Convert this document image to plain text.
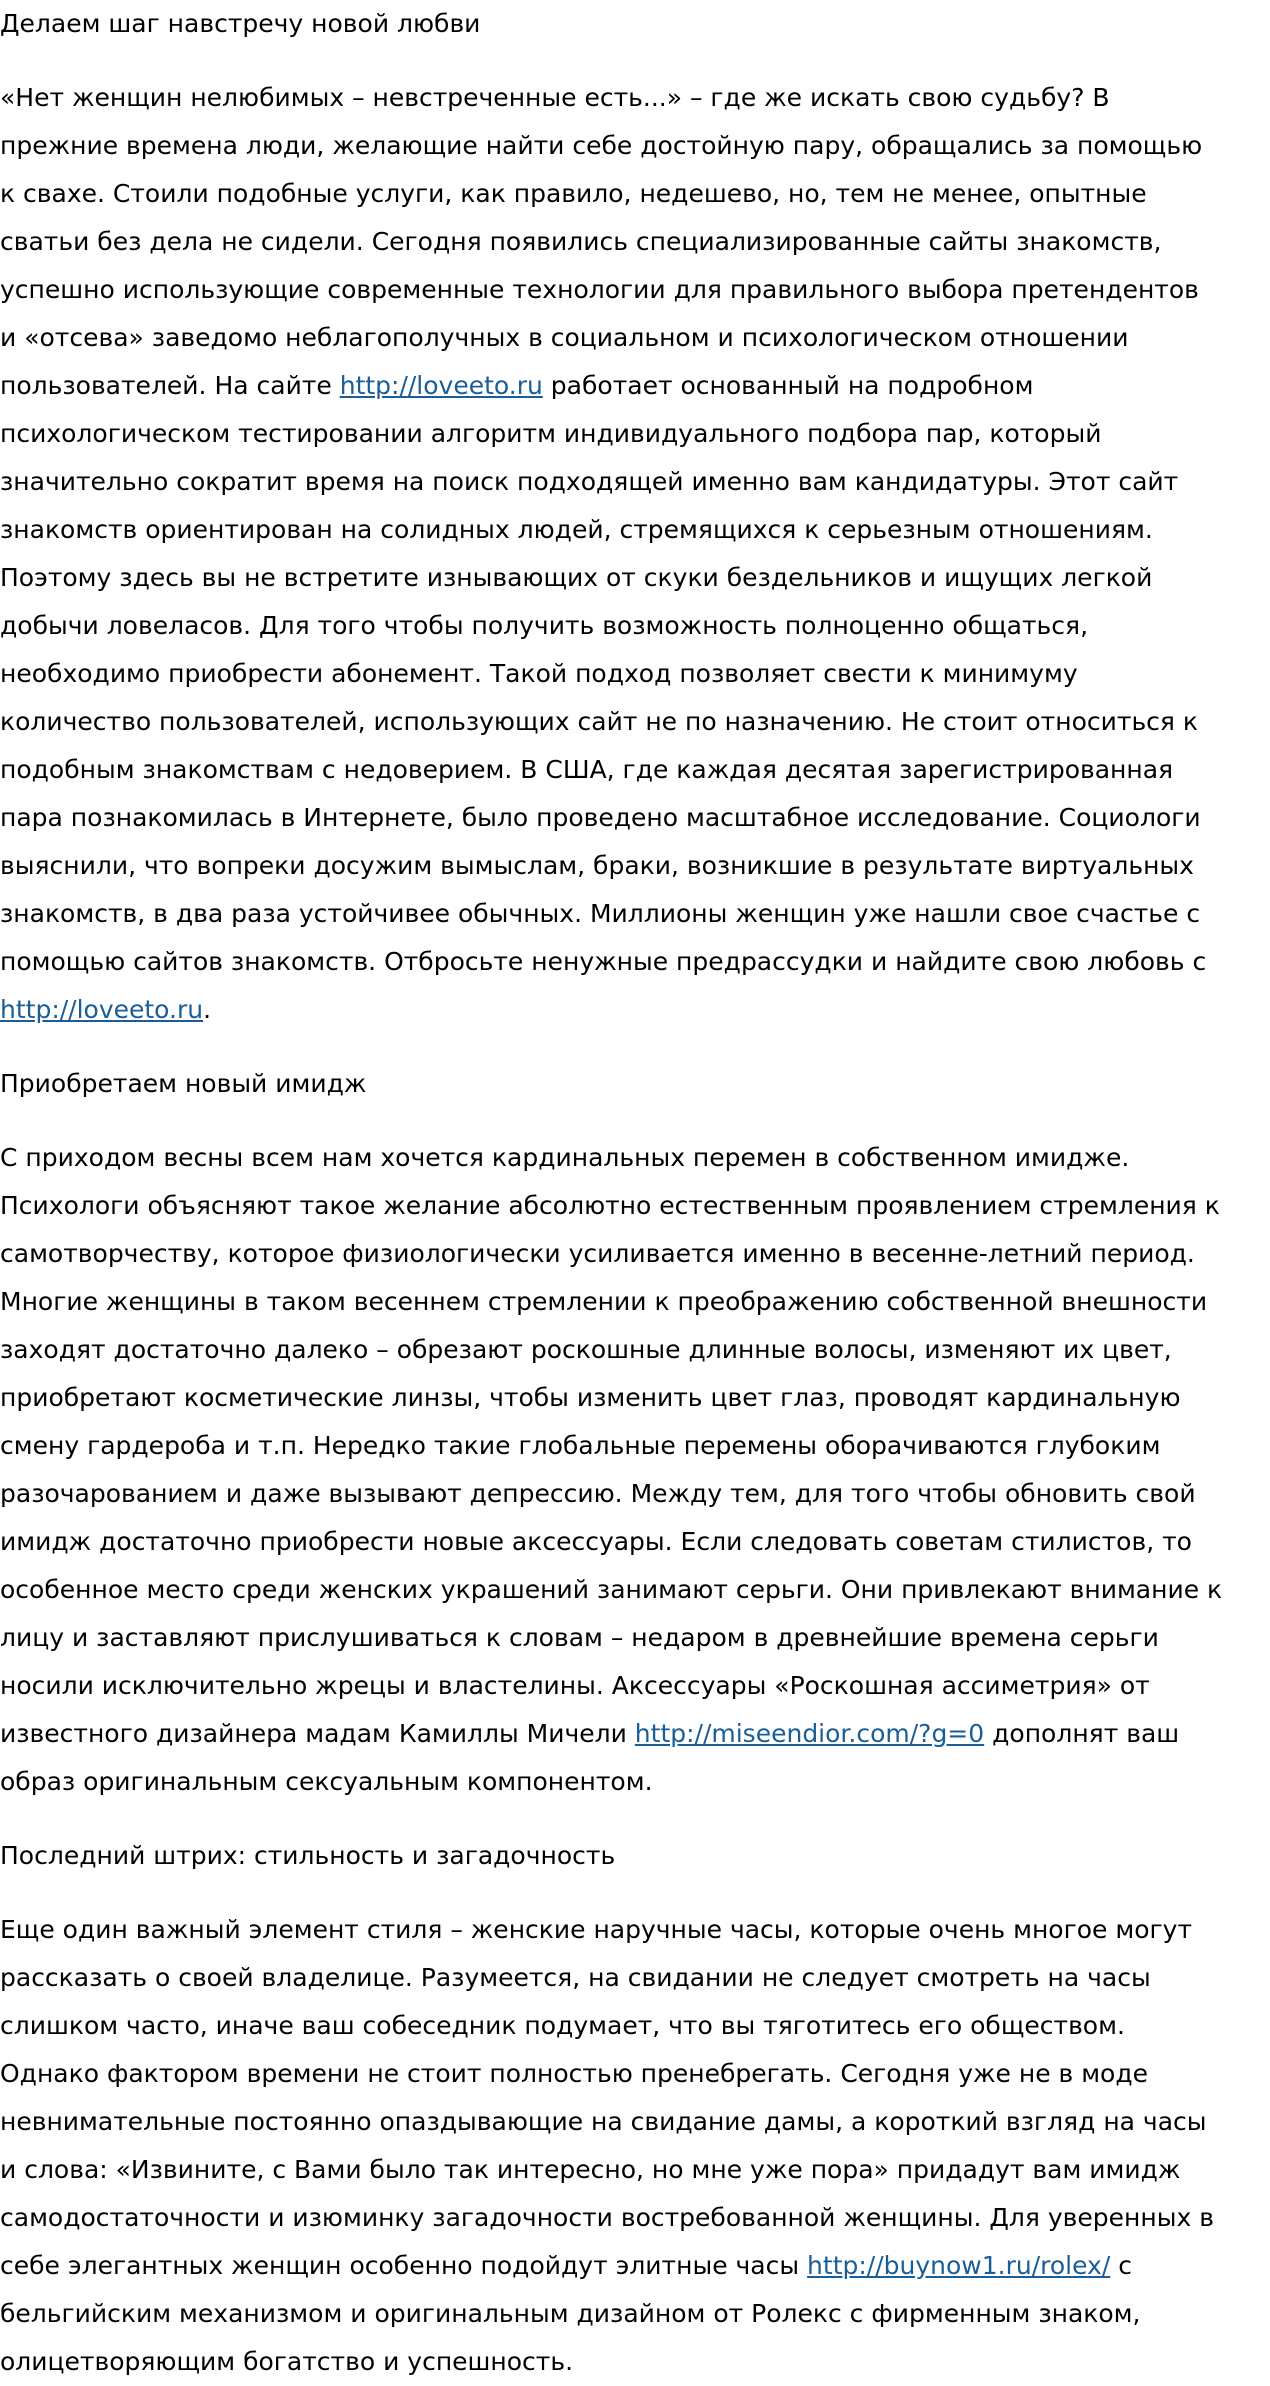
Делаем шаг навстречу новой любви
«Нет женщин нелюбимых – невстреченные есть...» – где же искать свою судьбу? В
прежние времена люди, желающие найти себе достойную пару, обращались за помощью
к свахе. Стоили подобные услуги, как правило, недешево, но, тем не менее, опытные
сватьи без дела не сидели. Сегодня появились специализированные сайты знакомств,
успешно использующие современные технологии для правильного выбора претендентов
и «отсева» заведомо неблагополучных в социальном и психологическом отношении
пользователей. На сайте http://loveeto.ru работает основанный на подробном
психологическом тестировании алгоритм индивидуального подбора пар, который
значительно сократит время на поиск подходящей именно вам кандидатуры. Этот сайт
знакомств ориентирован на солидных людей, стремящихся к серьезным отношениям.
Поэтому здесь вы не встретите изнывающих от скуки бездельников и ищущих легкой
добычи ловеласов. Для того чтобы получить возможность полноценно общаться,
необходимо приобрести абонемент. Такой подход позволяет свести к минимуму
количество пользователей, использующих сайт не по назначению. Не стоит относиться к
подобным знакомствам с недоверием. В США, где каждая десятая зарегистрированная
пара познакомилась в Интернете, было проведено масштабное исследование. Социологи
выяснили, что вопреки досужим вымыслам, браки, возникшие в результате виртуальных
знакомств, в два раза устойчивее обычных. Миллионы женщин уже нашли свое счастье с
помощью сайтов знакомств. Отбросьте ненужные предрассудки и найдите свою любовь с
http://loveeto.ru.
Приобретаем новый имидж
С приходом весны всем нам хочется кардинальных перемен в собственном имидже.
Психологи объясняют такое желание абсолютно естественным проявлением стремления к
самотворчеству, которое физиологически усиливается именно в весенне-летний период.
Многие женщины в таком весеннем стремлении к преображению собственной внешности
заходят достаточно далеко – обрезают роскошные длинные волосы, изменяют их цвет,
приобретают косметические линзы, чтобы изменить цвет глаз, проводят кардинальную
смену гардероба и т.п. Нередко такие глобальные перемены оборачиваются глубоким
разочарованием и даже вызывают депрессию. Между тем, для того чтобы обновить свой
имидж достаточно приобрести новые аксессуары. Если следовать советам стилистов, то
особенное место среди женских украшений занимают серьги. Они привлекают внимание к
лицу и заставляют прислушиваться к словам – недаром в древнейшие времена серьги
носили исключительно жрецы и властелины. Аксессуары «Роскошная ассиметрия» от
известного дизайнера мадам Камиллы Мичели http://miseendior.com/?g=0 дополнят ваш
образ оригинальным сексуальным компонентом.
Последний штрих: стильность и загадочность
Еще один важный элемент стиля – женские наручные часы, которые очень многое могут
рассказать о своей владелице. Разумеется, на свидании не следует смотреть на часы
слишком часто, иначе ваш собеседник подумает, что вы тяготитесь его обществом.
Однако фактором времени не стоит полностью пренебрегать. Сегодня уже не в моде
невнимательные постоянно опаздывающие на свидание дамы, а короткий взгляд на часы
и слова: «Извините, с Вами было так интересно, но мне уже пора» придадут вам имидж
самодостаточности и изюминку загадочности востребованной женщины. Для уверенных в
себе элегантных женщин особенно подойдут элитные часы http://buynow1.ru/rolex/ с
бельгийским механизмом и оригинальным дизайном от Ролекс с фирменным знаком,
олицетворяющим богатство и успешность.
